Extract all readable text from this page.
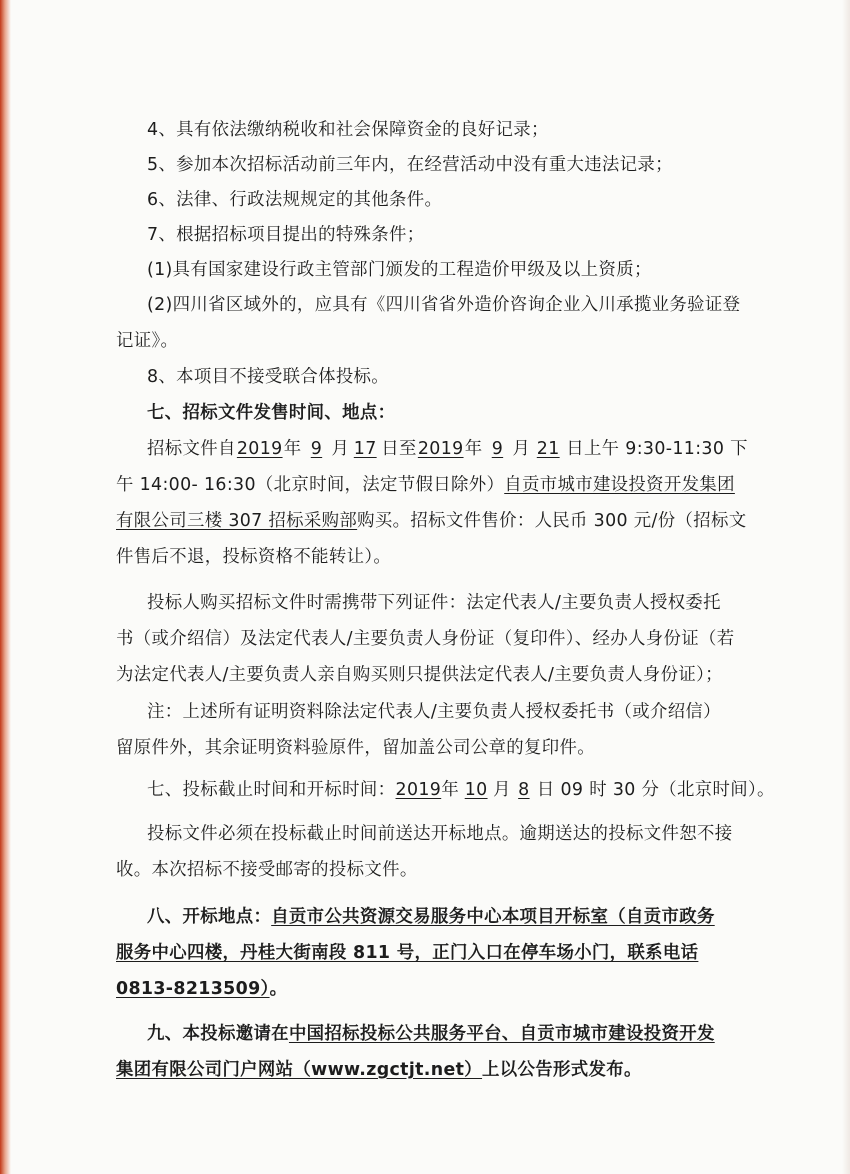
4、具有依法缴纳税收和社会保障资金的良好记录；
5、参加本次招标活动前三年内，在经营活动中没有重大违法记录；
6、法律、行政法规规定的其他条件。
7、根据招标项目提出的特殊条件；
(1)具有国家建设行政主管部门颁发的工程造价甲级及以上资质；
(2)四川省区域外的，应具有《四川省省外造价咨询企业入川承揽业务验证登
记证》。
8、本项目不接受联合体投标。
七、招标文件发售时间、地点：
招标文件自2019年 9 月 17 日至2019年 9 月 21 日上午 9:30-11:30 下
午 14:00- 16:30（北京时间，法定节假日除外）自贡市城市建设投资开发集团
有限公司三楼 307 招标采购部购买。招标文件售价：人民币 300 元/份（招标文
件售后不退，投标资格不能转让）。
投标人购买招标文件时需携带下列证件：法定代表人/主要负责人授权委托
书（或介绍信）及法定代表人/主要负责人身份证（复印件）、经办人身份证（若
为法定代表人/主要负责人亲自购买则只提供法定代表人/主要负责人身份证）；
注：上述所有证明资料除法定代表人/主要负责人授权委托书（或介绍信）
留原件外，其余证明资料验原件，留加盖公司公章的复印件。
七、投标截止时间和开标时间：2019年 10 月 8 日 09 时 30 分（北京时间）。
投标文件必须在投标截止时间前送达开标地点。逾期送达的投标文件恕不接
收。本次招标不接受邮寄的投标文件。
八、开标地点：自贡市公共资源交易服务中心本项目开标室（自贡市政务
服务中心四楼，丹桂大街南段 811 号，正门入口在停车场小门，联系电话
0813-8213509）。
九、本投标邀请在中国招标投标公共服务平台、自贡市城市建设投资开发
集团有限公司门户网站（www.zgctjt.net）上以公告形式发布。
